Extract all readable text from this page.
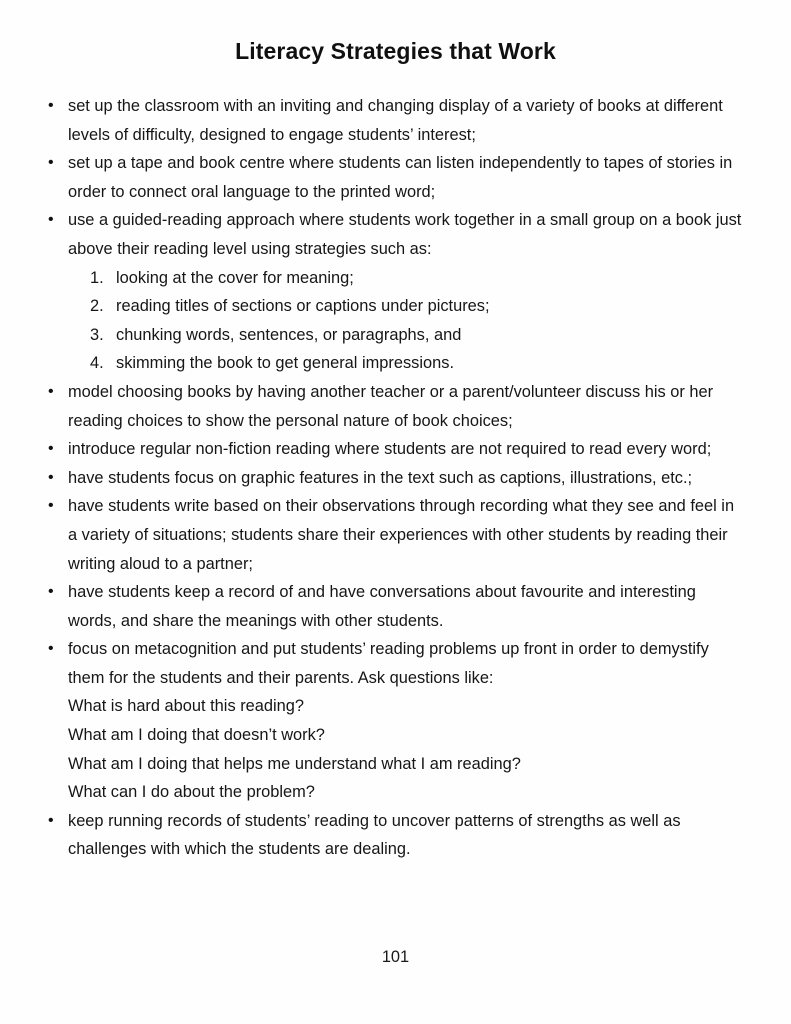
Literacy Strategies that Work
• set up the classroom with an inviting and changing display of a variety of books at different levels of difficulty, designed to engage students’ interest;
• set up a tape and book centre where students can listen independently to tapes of stories in order to connect oral language to the printed word;
• use a guided-reading approach where students work together in a small group on a book just above their reading level using strategies such as:
1. looking at the cover for meaning;
2. reading titles of sections or captions under pictures;
3. chunking words, sentences, or paragraphs, and
4. skimming the book to get general impressions.
• model choosing books by having another teacher or a parent/volunteer discuss his or her reading choices to show the personal nature of book choices;
• introduce regular non-fiction reading where students are not required to read every word;
• have students focus on graphic features in the text such as captions, illustrations, etc.;
• have students write based on their observations through recording what they see and feel in a variety of situations; students share their experiences with other students by reading their writing aloud to a partner;
• have students keep a record of and have conversations about favourite and interesting words, and share the meanings with other students.
• focus on metacognition and put students’ reading problems up front in order to demystify them for the students and their parents. Ask questions like:
What is hard about this reading?
What am I doing that doesn’t work?
What am I doing that helps me understand what I am reading?
What can I do about the problem?
• keep running records of students’ reading to uncover patterns of strengths as well as challenges with which the students are dealing.
101
